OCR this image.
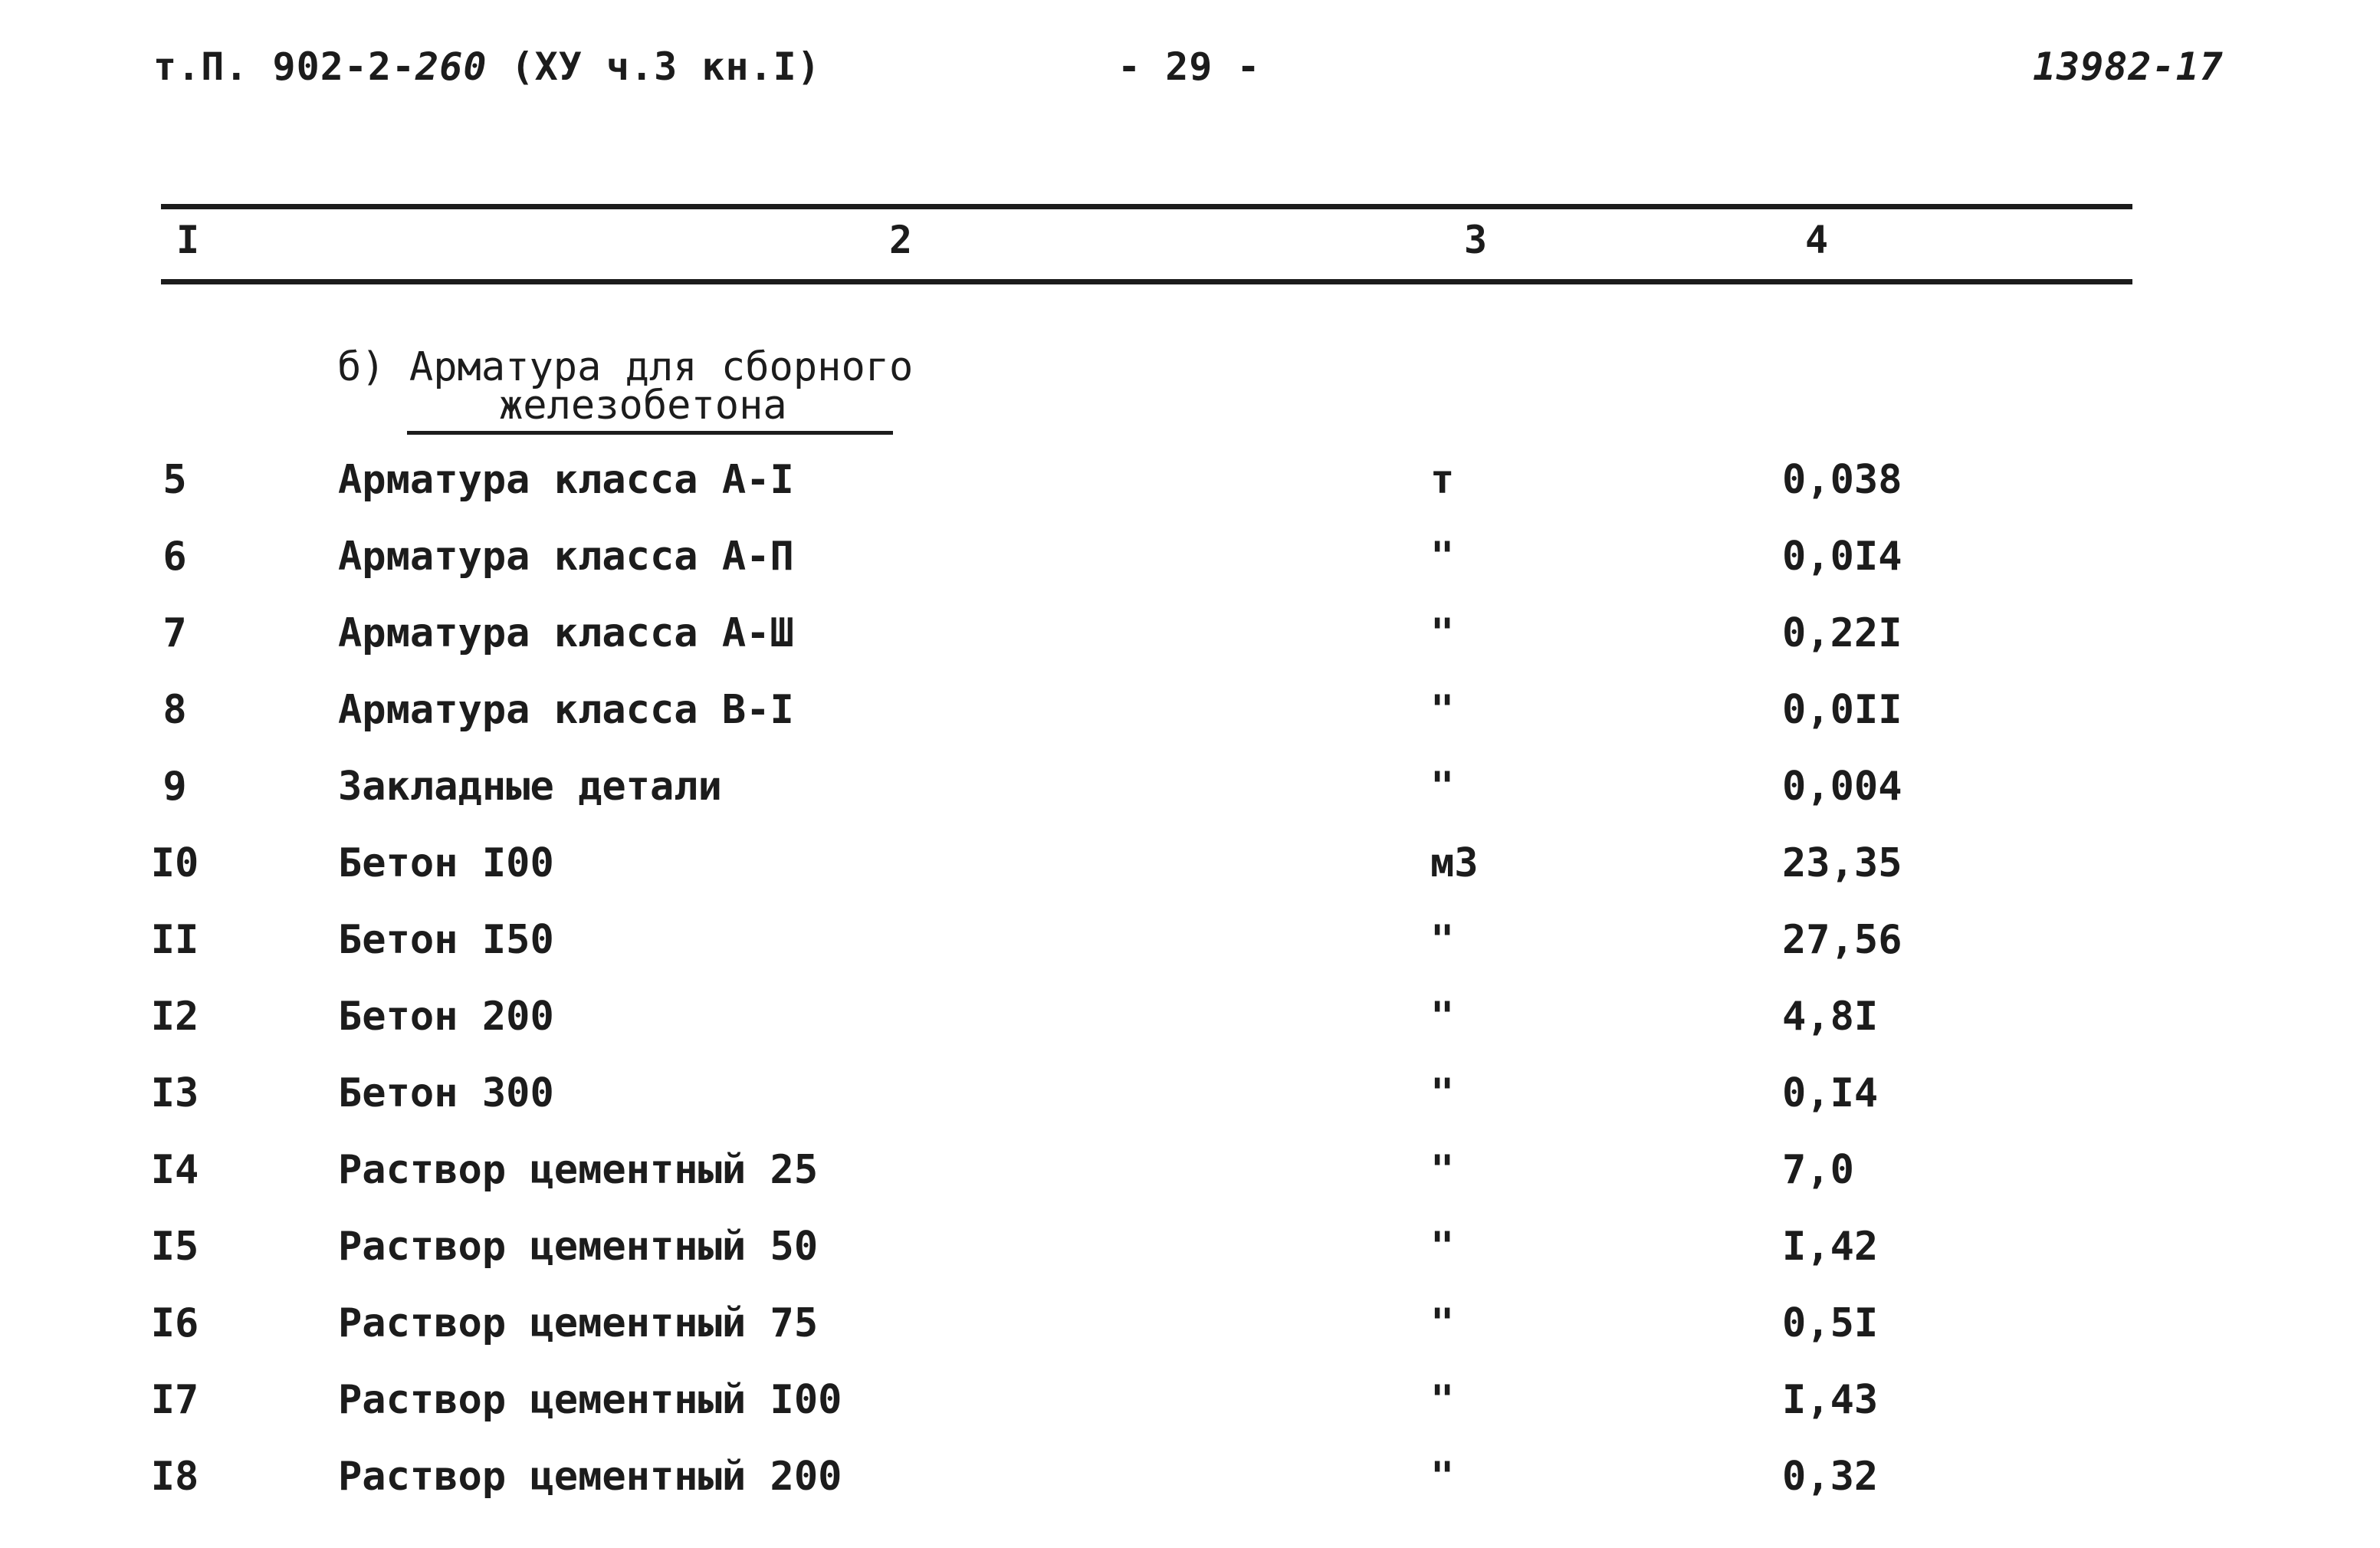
т.П. 902-2-260 (XУ ч.3 кн.I)	- 29 -	13982-17
I	2	3	4
б) Арматура для сборного
железобетона
5	Арматура класса А-I	т	0,038
6	Арматура класса А-П	"	0,0I4
7	Арматура класса А-Ш	"	0,22I
8	Арматура класса В-I	"	0,0II
9	Закладные детали	"	0,004
I0	Бетон I00	м3	23,35
II	Бетон I50	"	27,56
I2	Бетон 200	"	4,8I
I3	Бетон 300	"	0,I4
I4	Раствор цементный 25	"	7,0
I5	Раствор цементный 50	"	I,42
I6	Раствор цементный 75	"	0,5I
I7	Раствор цементный I00	"	I,43
I8	Раствор цементный 200	"	0,32
